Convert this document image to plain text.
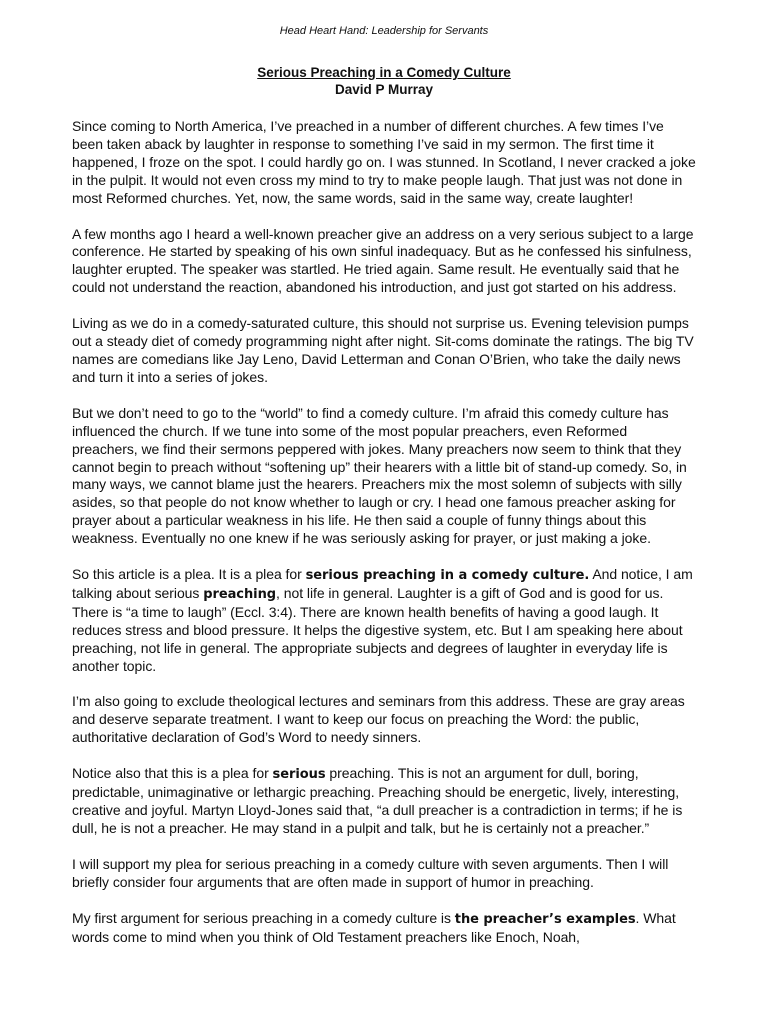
Head Heart Hand: Leadership for Servants
Serious Preaching in a Comedy Culture
David P Murray

Since coming to North America, I’ve preached in a number of different churches. A few times I’ve been taken aback by laughter in response to something I’ve said in my sermon. The first time it happened, I froze on the spot. I could hardly go on. I was stunned. In Scotland, I never cracked a joke in the pulpit. It would not even cross my mind to try to make people laugh. That just was not done in most Reformed churches. Yet, now, the same words, said in the same way, create laughter!

A few months ago I heard a well-known preacher give an address on a very serious subject to a large conference. He started by speaking of his own sinful inadequacy. But as he confessed his sinfulness, laughter erupted. The speaker was startled. He tried again. Same result. He eventually said that he could not understand the reaction, abandoned his introduction, and just got started on his address.

Living as we do in a comedy-saturated culture, this should not surprise us. Evening television pumps out a steady diet of comedy programming night after night. Sit-coms dominate the ratings. The big TV names are comedians like Jay Leno, David Letterman and Conan O’Brien, who take the daily news and turn it into a series of jokes.

But we don’t need to go to the “world” to find a comedy culture. I’m afraid this comedy culture has influenced the church. If we tune into some of the most popular preachers, even Reformed preachers, we find their sermons peppered with jokes. Many preachers now seem to think that they cannot begin to preach without “softening up” their hearers with a little bit of stand-up comedy. So, in many ways, we cannot blame just the hearers. Preachers mix the most solemn of subjects with silly asides, so that people do not know whether to laugh or cry. I head one famous preacher asking for prayer about a particular weakness in his life. He then said a couple of funny things about this weakness. Eventually no one knew if he was seriously asking for prayer, or just making a joke.

So this article is a plea. It is a plea for serious preaching in a comedy culture. And notice, I am talking about serious preaching, not life in general. Laughter is a gift of God and is good for us. There is “a time to laugh” (Eccl. 3:4). There are known health benefits of having a good laugh. It reduces stress and blood pressure. It helps the digestive system, etc. But I am speaking here about preaching, not life in general. The appropriate subjects and degrees of laughter in everyday life is another topic.

I’m also going to exclude theological lectures and seminars from this address. These are gray areas and deserve separate treatment. I want to keep our focus on preaching the Word: the public, authoritative declaration of God’s Word to needy sinners.

Notice also that this is a plea for serious preaching. This is not an argument for dull, boring, predictable, unimaginative or lethargic preaching. Preaching should be energetic, lively, interesting, creative and joyful. Martyn Lloyd-Jones said that, “a dull preacher is a contradiction in terms; if he is dull, he is not a preacher. He may stand in a pulpit and talk, but he is certainly not a preacher.”

I will support my plea for serious preaching in a comedy culture with seven arguments. Then I will briefly consider four arguments that are often made in support of humor in preaching.

My first argument for serious preaching in a comedy culture is the preacher’s examples. What words come to mind when you think of Old Testament preachers like Enoch, Noah,
